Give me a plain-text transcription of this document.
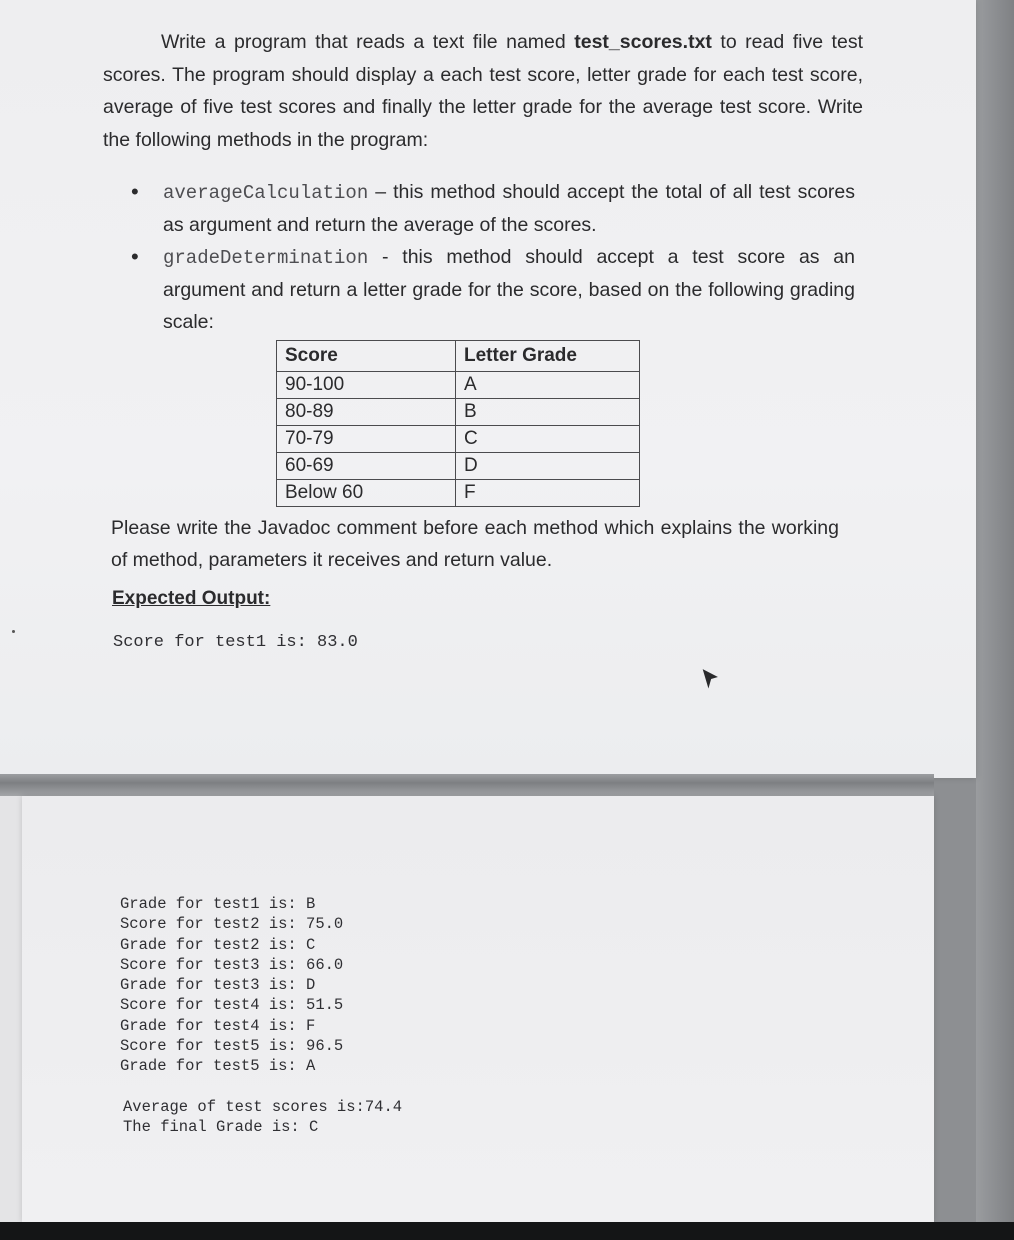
Write a program that reads a text file named test_scores.txt to read five test scores. The program should display a each test score, letter grade for each test score, average of five test scores and finally the letter grade for the average test score. Write the following methods in the program:
• averageCalculation – this method should accept the total of all test scores as argument and return the average of the scores.
• gradeDetermination - this method should accept a test score as an argument and return a letter grade for the score, based on the following grading scale:
Score	Letter Grade
90-100	A
80-89	B
70-79	C
60-69	D
Below 60	F
Please write the Javadoc comment before each method which explains the working of method, parameters it receives and return value.
Expected Output:
Score for test1 is: 83.0
Grade for test1 is: B
Score for test2 is: 75.0
Grade for test2 is: C
Score for test3 is: 66.0
Grade for test3 is: D
Score for test4 is: 51.5
Grade for test4 is: F
Score for test5 is: 96.5
Grade for test5 is: A
Average of test scores is:74.4
The final Grade is: C
